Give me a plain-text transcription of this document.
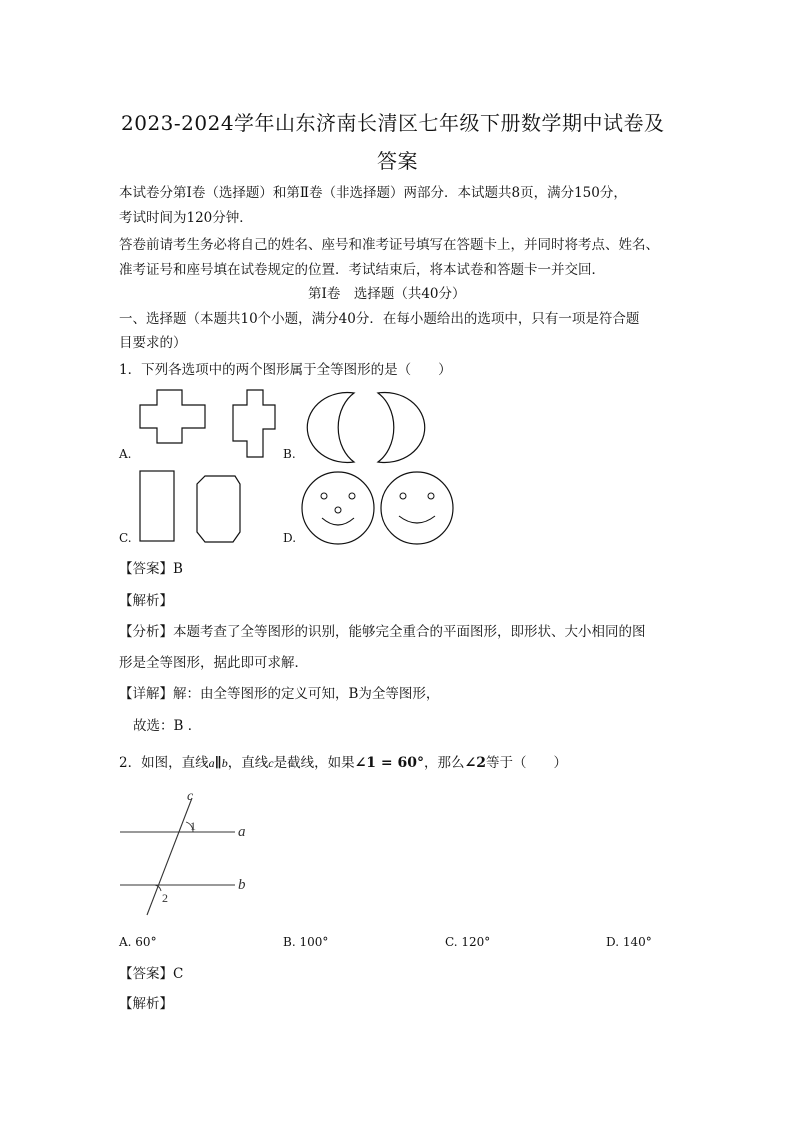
2023-2024学年山东济南长清区七年级下册数学期中试卷及
答案
本试卷分第Ⅰ卷（选择题）和第Ⅱ卷（非选择题）两部分．本试题共8页，满分150分，
考试时间为120分钟．
答卷前请考生务必将自己的姓名、座号和准考证号填写在答题卡上，并同时将考点、姓名、
准考证号和座号填在试卷规定的位置．考试结束后，将本试卷和答题卡一并交回．
第Ⅰ卷　选择题（共40分）
一、选择题（本题共10个小题，满分40分．在每小题给出的选项中，只有一项是符合题
目要求的）
1．下列各选项中的两个图形属于全等图形的是（　　）
A.	B.
C.	D.
【答案】B
【解析】
【分析】本题考查了全等图形的识别，能够完全重合的平面图形，即形状、大小相同的图
形是全等图形，据此即可求解．
【详解】解：由全等图形的定义可知，B为全等图形，
故选：B ．
2．如图，直线a∥b，直线c是截线，如果∠1 = 60°，那么∠2等于（　　）
c
1	a
b
2
A. 60°	B. 100°	C. 120°	D. 140°
【答案】C
【解析】
